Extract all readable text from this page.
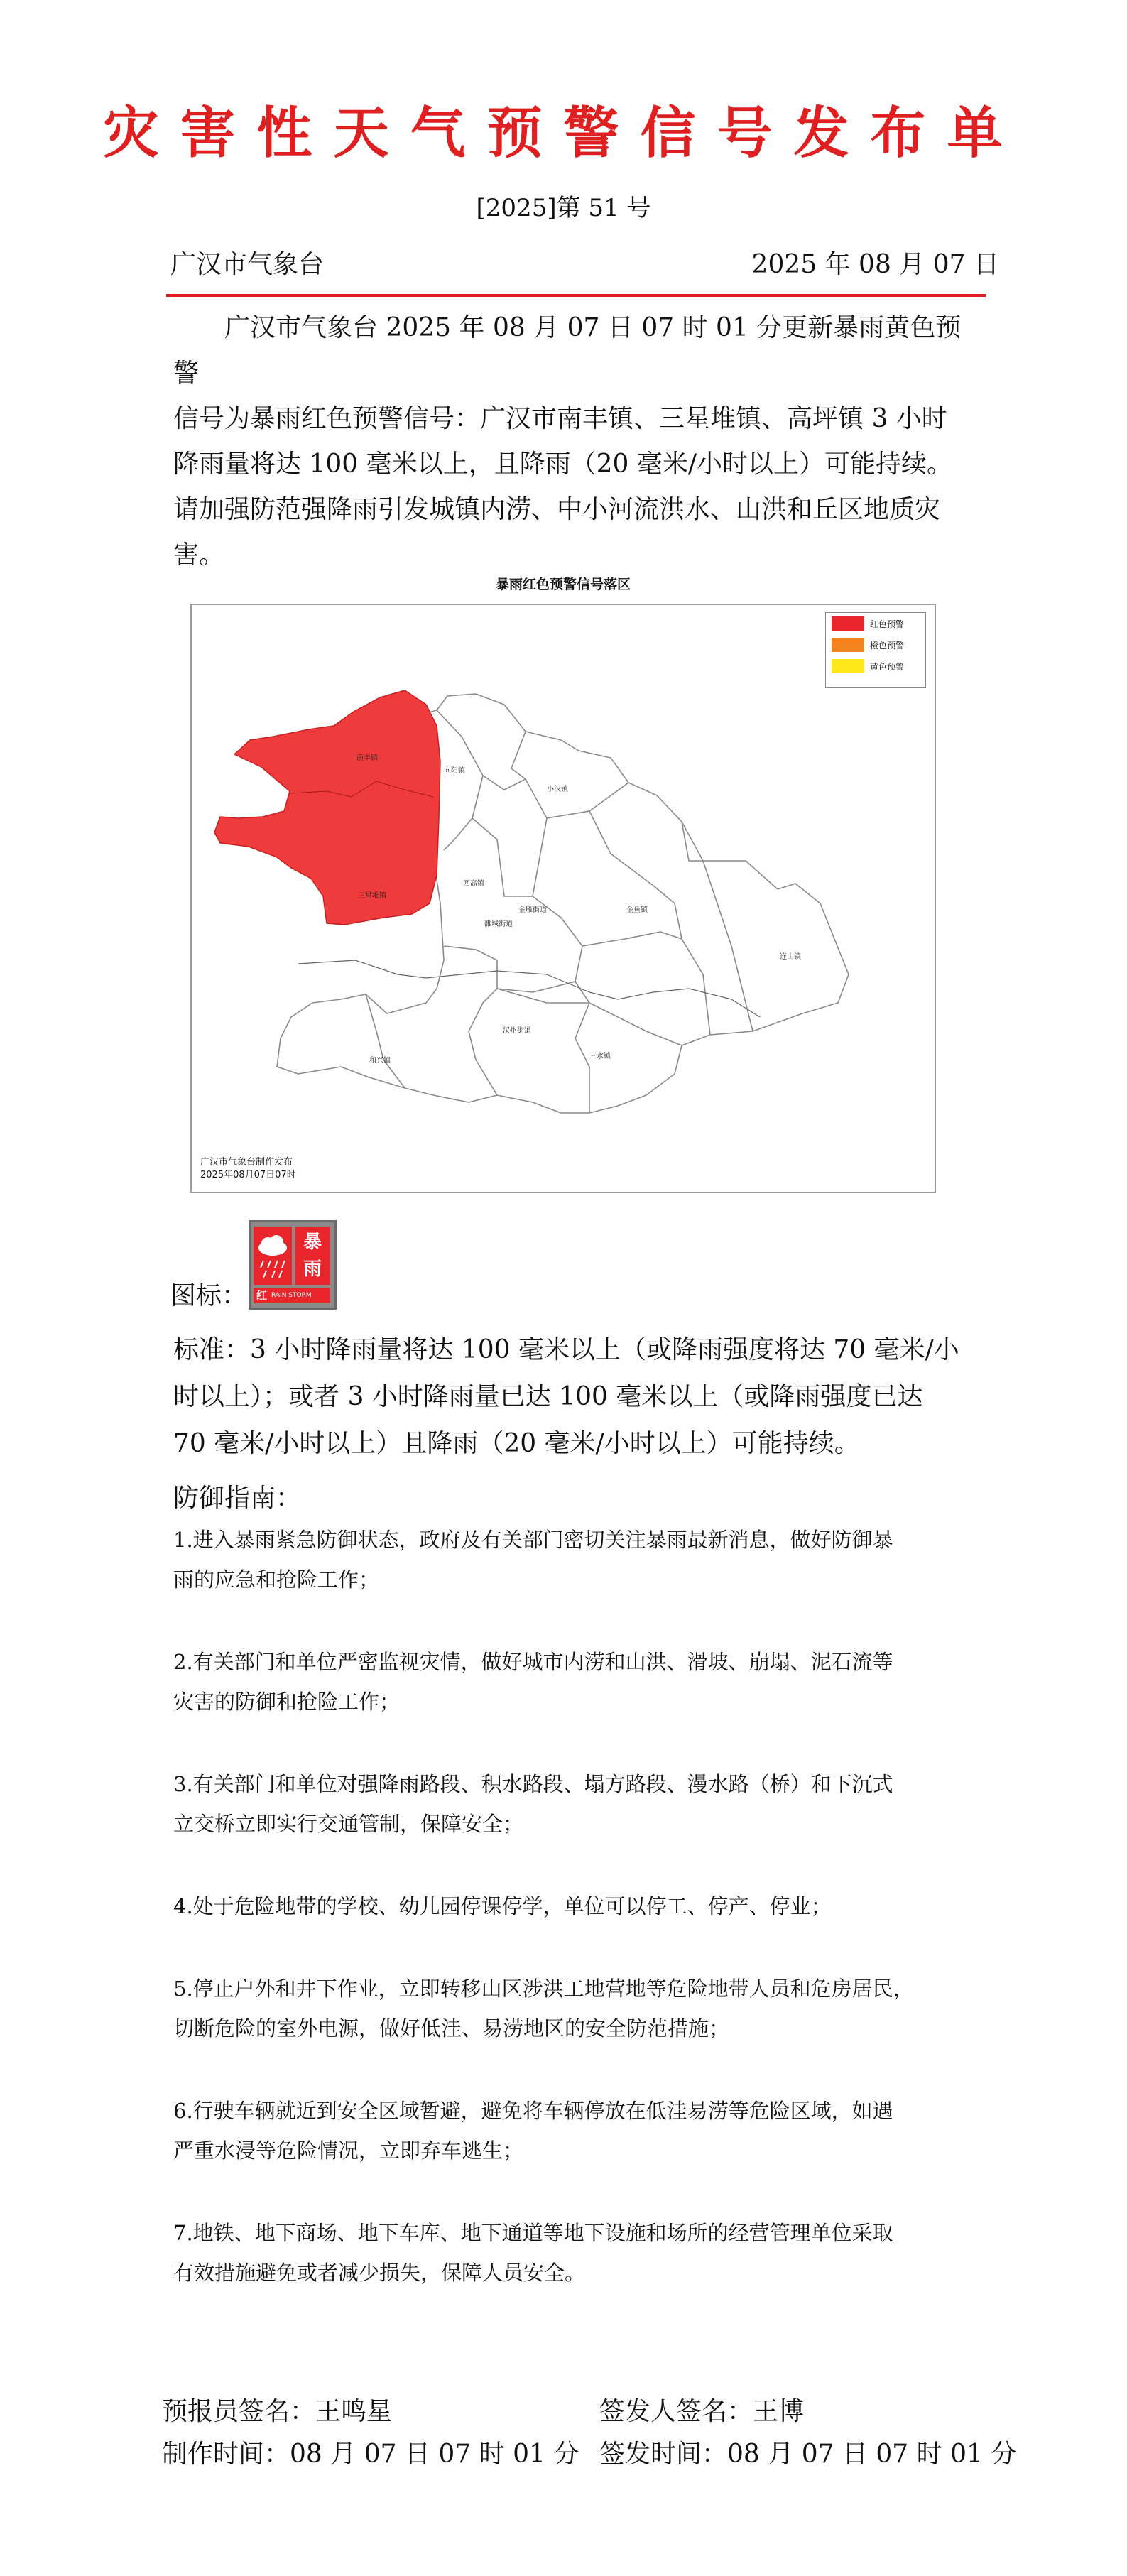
灾害性天气预警信号发布单
[2025]第 51 号
广汉市气象台	2025 年 08 月 07 日
广汉市气象台 2025 年 08 月 07 日 07 时 01 分更新暴雨黄色预警
信号为暴雨红色预警信号：广汉市南丰镇、三星堆镇、高坪镇 3 小时
降雨量将达 100 毫米以上，且降雨（20 毫米/小时以上）可能持续。
请加强防范强降雨引发城镇内涝、中小河流洪水、山洪和丘区地质灾
害。
暴雨红色预警信号落区
向阳镇
南丰镇
小汉镇
金雁街道	金鱼镇
雒城街道
西高镇
三星堆镇
汉州街道
三水镇
和兴镇
连山镇
红色预警
橙色预警
黄色预警
广汉市气象台制作发布
2025年08月07日07时
图标：
暴
雨
红 RAIN STORM
标准：3 小时降雨量将达 100 毫米以上（或降雨强度将达 70 毫米/小
时以上）；或者 3 小时降雨量已达 100 毫米以上（或降雨强度已达
70 毫米/小时以上）且降雨（20 毫米/小时以上）可能持续。
防御指南：
1.进入暴雨紧急防御状态，政府及有关部门密切关注暴雨最新消息，做好防御暴
雨的应急和抢险工作；
2.有关部门和单位严密监视灾情，做好城市内涝和山洪、滑坡、崩塌、泥石流等
灾害的防御和抢险工作；
3.有关部门和单位对强降雨路段、积水路段、塌方路段、漫水路（桥）和下沉式
立交桥立即实行交通管制，保障安全；
4.处于危险地带的学校、幼儿园停课停学，单位可以停工、停产、停业；
5.停止户外和井下作业，立即转移山区涉洪工地营地等危险地带人员和危房居民，
切断危险的室外电源，做好低洼、易涝地区的安全防范措施；
6.行驶车辆就近到安全区域暂避，避免将车辆停放在低洼易涝等危险区域，如遇
严重水浸等危险情况，立即弃车逃生；
7.地铁、地下商场、地下车库、地下通道等地下设施和场所的经营管理单位采取
有效措施避免或者减少损失，保障人员安全。
预报员签名：王鸣星
制作时间：08 月 07 日 07 时 01 分
签发人签名：王博
签发时间：08 月 07 日 07 时 01 分
